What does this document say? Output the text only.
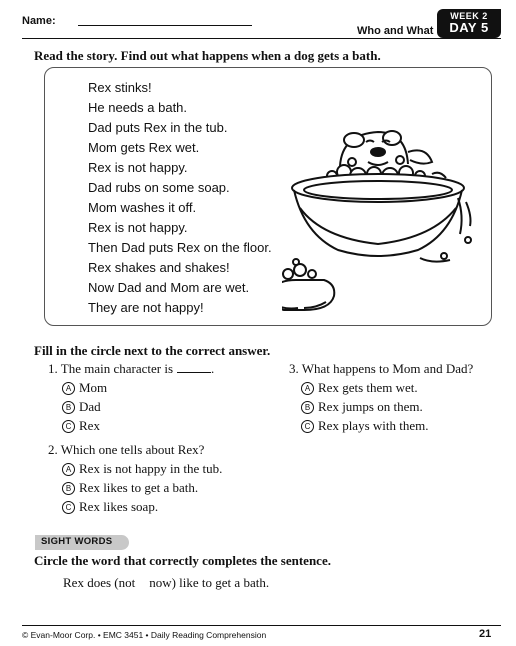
Name:
Who and What
WEEK 2
DAY 5
Read the story. Find out what happens when a dog gets a bath.
Rex stinks!
He needs a bath.
Dad puts Rex in the tub.
Mom gets Rex wet.
Rex is not happy.
Dad rubs on some soap.
Mom washes it off.
Rex is not happy.
Then Dad puts Rex on the floor.
Rex shakes and shakes!
Now Dad and Mom are wet.
They are not happy!
Fill in the circle next to the correct answer.
1. The main character is	.
A Mom
B Dad
C Rex
3. What happens to Mom and Dad?
A Rex gets them wet.
B Rex jumps on them.
C Rex plays with them.
2. Which one tells about Rex?
A Rex is not happy in the tub.
B Rex likes to get a bath.
C Rex likes soap.
SIGHT WORDS
Circle the word that correctly completes the sentence.
Rex does (not now) like to get a bath.
© Evan-Moor Corp. • EMC 3451 • Daily Reading Comprehension	21
